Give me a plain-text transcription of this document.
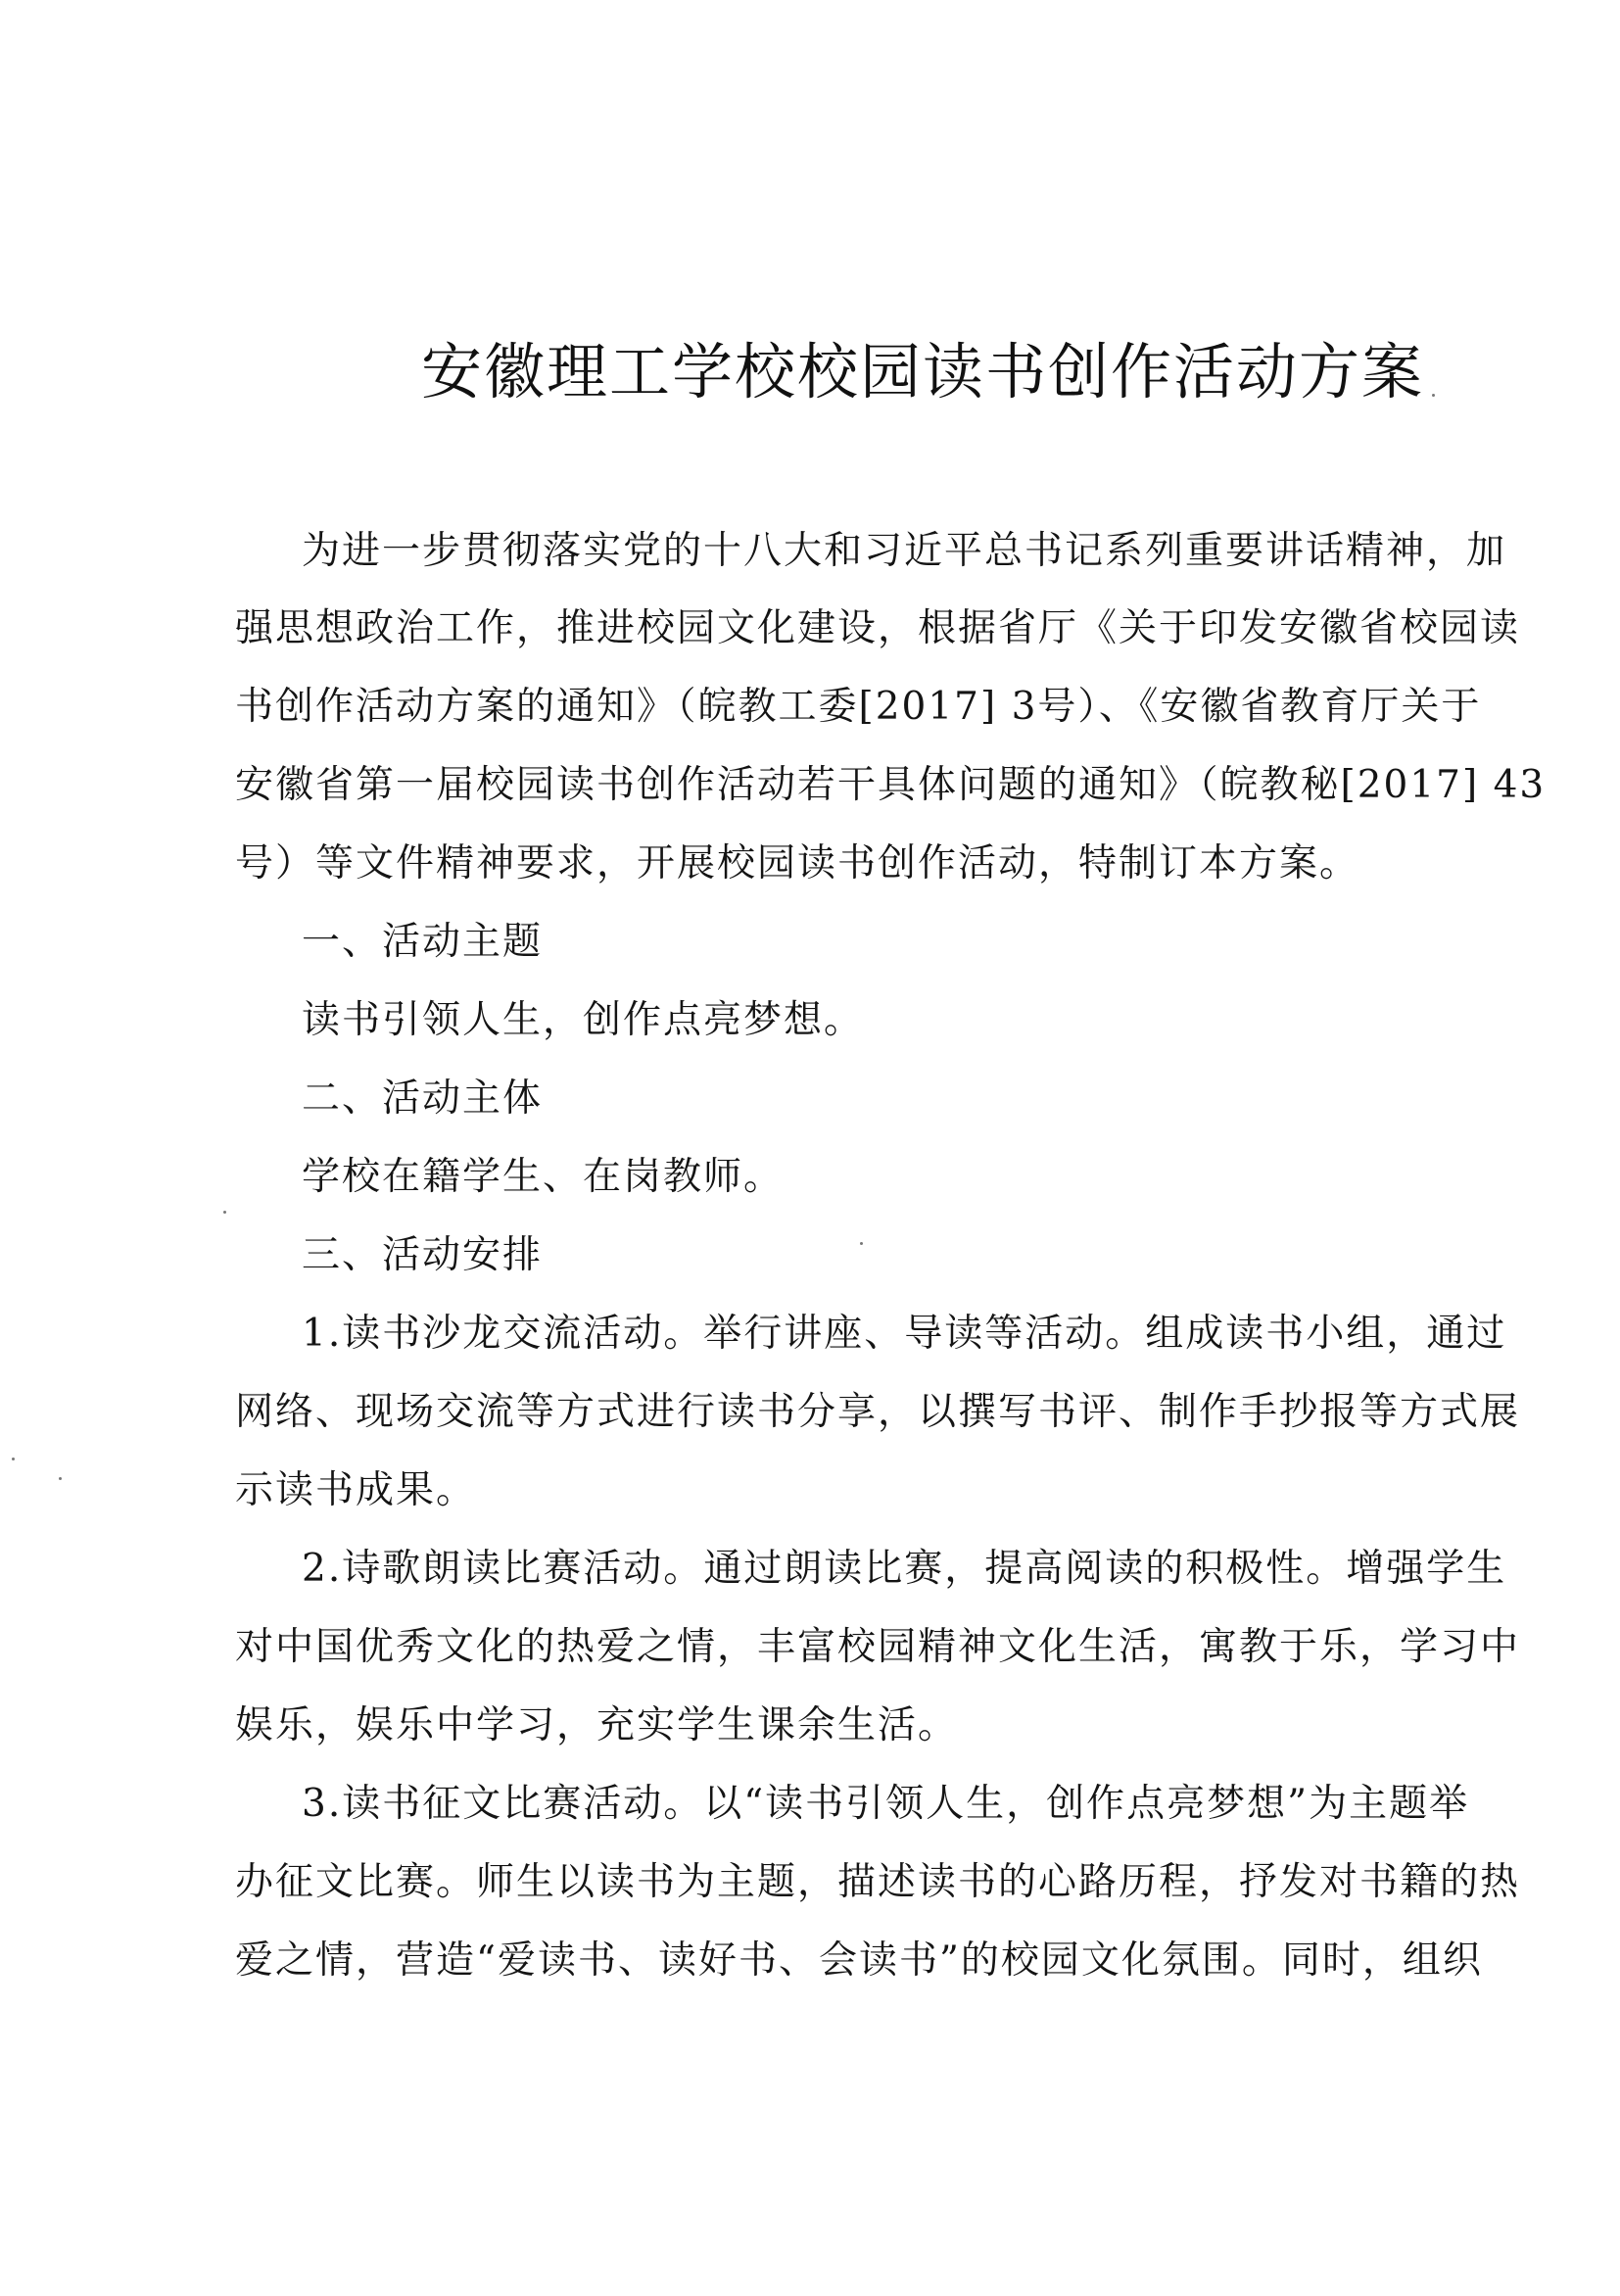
安徽理工学校校园读书创作活动方案
为进一步贯彻落实党的十八大和习近平总书记系列重要讲话精神，加
强思想政治工作，推进校园文化建设，根据省厅《关于印发安徽省校园读
书创作活动方案的通知》（皖教工委[2017] 3号）、《安徽省教育厅关于
安徽省第一届校园读书创作活动若干具体问题的通知》（皖教秘[2017] 43
号）等文件精神要求，开展校园读书创作活动，特制订本方案。
一、活动主题
读书引领人生，创作点亮梦想。
二、活动主体
学校在籍学生、在岗教师。
三、活动安排
1.读书沙龙交流活动。举行讲座、导读等活动。组成读书小组，通过
网络、现场交流等方式进行读书分享，以撰写书评、制作手抄报等方式展
示读书成果。
2.诗歌朗读比赛活动。通过朗读比赛，提高阅读的积极性。增强学生
对中国优秀文化的热爱之情，丰富校园精神文化生活，寓教于乐，学习中
娱乐，娱乐中学习，充实学生课余生活。
3.读书征文比赛活动。以“读书引领人生，创作点亮梦想”为主题举
办征文比赛。师生以读书为主题，描述读书的心路历程，抒发对书籍的热
爱之情，营造“爱读书、读好书、会读书”的校园文化氛围。同时，组织
